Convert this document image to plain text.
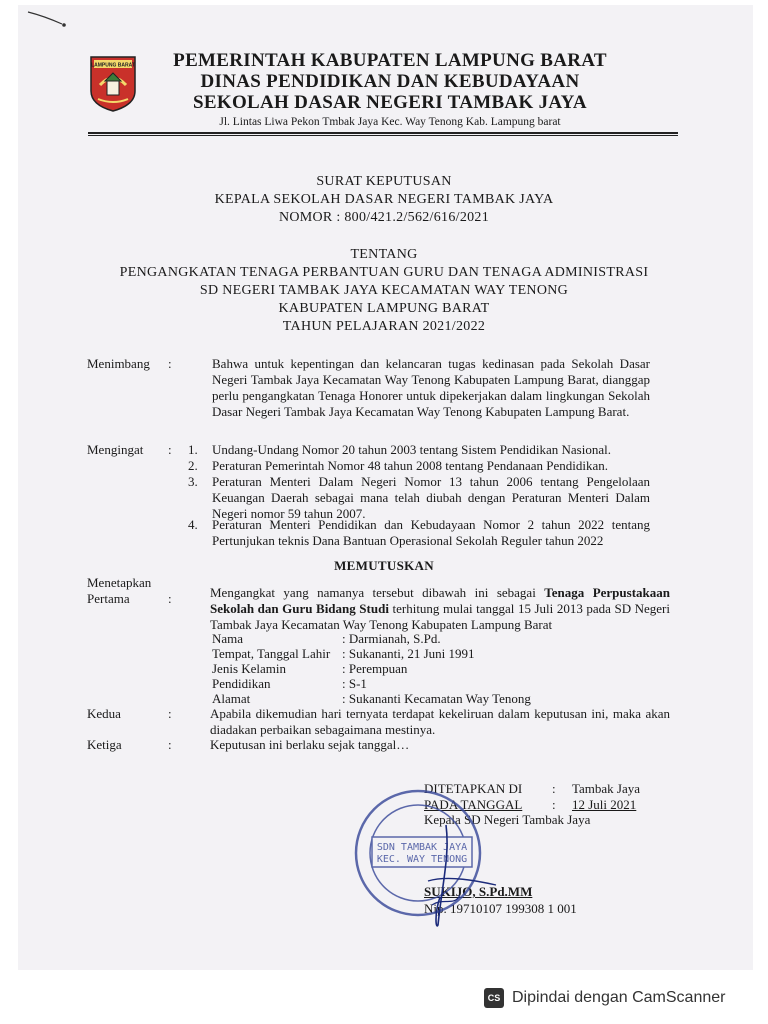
LAMPUNG BARAT	PEMERINTAH KABUPATEN LAMPUNG BARAT
DINAS PENDIDIKAN DAN KEBUDAYAAN
SEKOLAH DASAR NEGERI TAMBAK JAYA
Jl. Lintas Liwa Pekon Tmbak Jaya Kec. Way Tenong Kab. Lampung barat
SURAT KEPUTUSAN
KEPALA SEKOLAH DASAR NEGERI TAMBAK JAYA
NOMOR : 800/421.2/562/616/2021
TENTANG
PENGANGKATAN TENAGA PERBANTUAN GURU DAN TENAGA ADMINISTRASI
SD NEGERI TAMBAK JAYA KECAMATAN WAY TENONG
KABUPATEN LAMPUNG BARAT
TAHUN PELAJARAN 2021/2022
Menimbang :	Bahwa untuk kepentingan dan kelancaran tugas kedinasan pada Sekolah Dasar Negeri Tambak Jaya Kecamatan Way Tenong Kabupaten Lampung Barat, dianggap perlu pengangkatan Tenaga Honorer untuk dipekerjakan dalam lingkungan Sekolah Dasar Negeri Tambak Jaya Kecamatan Way Tenong Kabupaten Lampung Barat.
Mengingat : 1. Undang-Undang Nomor 20 tahun 2003 tentang Sistem Pendidikan Nasional.
2. Peraturan Pemerintah Nomor 48 tahun 2008 tentang Pendanaan Pendidikan.
3. Peraturan Menteri Dalam Negeri Nomor 13 tahun 2006 tentang Pengelolaan Keuangan Daerah sebagai mana telah diubah dengan Peraturan Menteri Dalam Negeri nomor 59 tahun 2007.
4. Peraturan Menteri Pendidikan dan Kebudayaan Nomor 2 tahun 2022 tentang Pertunjukan teknis Dana Bantuan Operasional Sekolah Reguler tahun 2022
MEMUTUSKAN
Menetapkan
Pertama	:	Mengangkat yang namanya tersebut dibawah ini sebagai Tenaga Perpustakaan Sekolah dan Guru Bidang Studi terhitung mulai tanggal 15 Juli 2013 pada SD Negeri Tambak Jaya Kecamatan Way Tenong Kabupaten Lampung Barat
Nama	: Darmianah, S.Pd.
Tempat, Tanggal Lahir : Sukananti, 21 Juni 1991
Jenis Kelamin	: Perempuan
Pendidikan	: S-1
Alamat	: Sukananti Kecamatan Way Tenong
Kedua	:	Apabila dikemudian hari ternyata terdapat kekeliruan dalam keputusan ini, maka akan diadakan perbaikan sebagaimana mestinya.
Ketiga	:	Keputusan ini berlaku sejak tanggal…
DITETAPKAN DI : Tambak Jaya
PADA TANGGAL : 12 Juli 2021
Kepala SD Negeri Tambak Jaya
SUKIJO, S.Pd.MM
Nip. 19710107 199308 1 001
SDN TAMBAK JAYA
KEC. WAY TENONG
CS Dipindai dengan CamScanner
